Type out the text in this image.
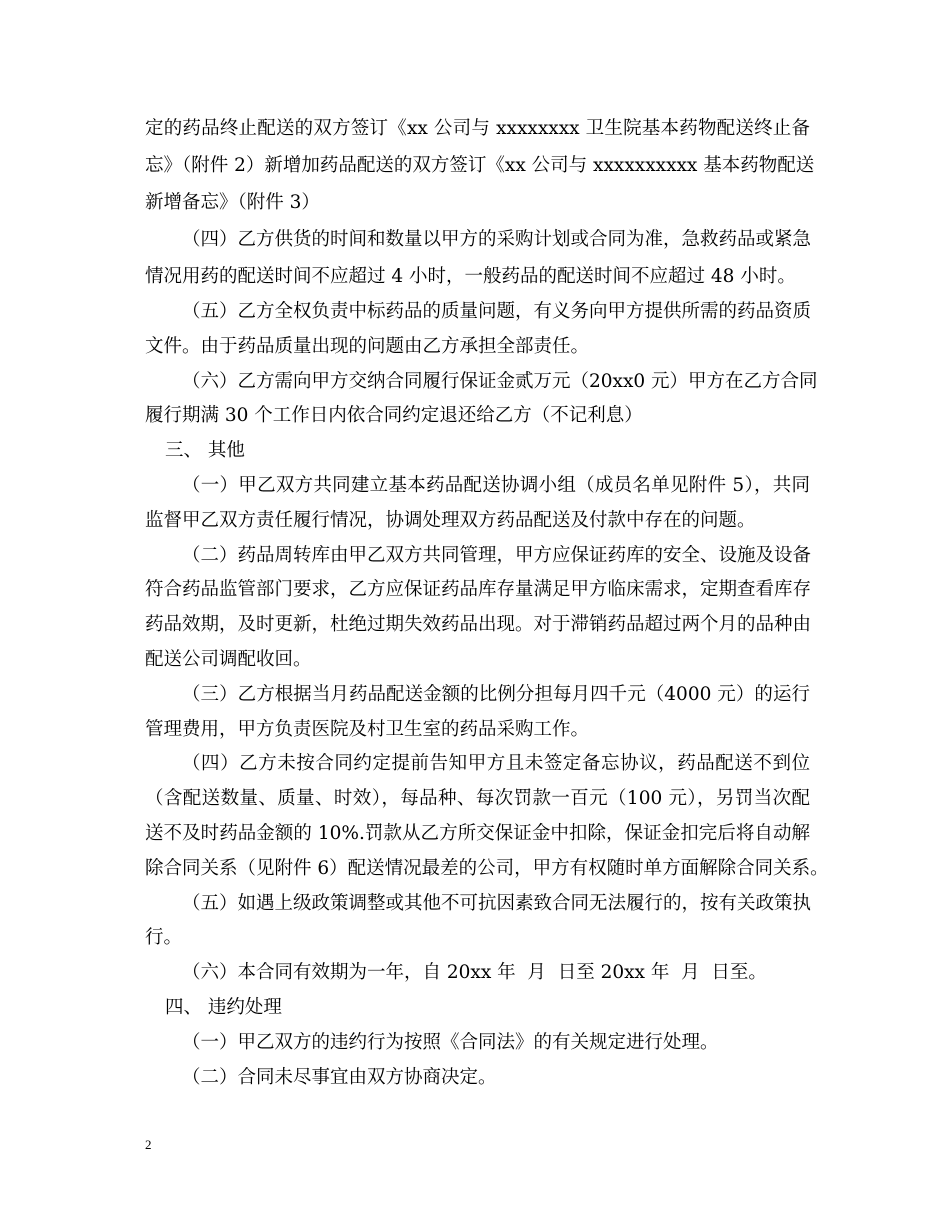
定的药品终止配送的双方签订《xx 公司与 xxxxxxxx 卫生院基本药物配送终止备
忘》（附件 2）新增加药品配送的双方签订《xx 公司与 xxxxxxxxxx 基本药物配送
新增备忘》（附件 3）
（四）乙方供货的时间和数量以甲方的采购计划或合同为准，急救药品或紧急
情况用药的配送时间不应超过 4 小时，一般药品的配送时间不应超过 48 小时。
（五）乙方全权负责中标药品的质量问题，有义务向甲方提供所需的药品资质
文件。由于药品质量出现的问题由乙方承担全部责任。
（六）乙方需向甲方交纳合同履行保证金贰万元（20xx0 元）甲方在乙方合同
履行期满 30 个工作日内依合同约定退还给乙方（不记利息）
三、 其他
（一）甲乙双方共同建立基本药品配送协调小组（成员名单见附件 5），共同
监督甲乙双方责任履行情况，协调处理双方药品配送及付款中存在的问题。
（二）药品周转库由甲乙双方共同管理，甲方应保证药库的安全、设施及设备
符合药品监管部门要求，乙方应保证药品库存量满足甲方临床需求，定期查看库存
药品效期，及时更新，杜绝过期失效药品出现。对于滞销药品超过两个月的品种由
配送公司调配收回。
（三）乙方根据当月药品配送金额的比例分担每月四千元（4000 元）的运行
管理费用，甲方负责医院及村卫生室的药品采购工作。
（四）乙方未按合同约定提前告知甲方且未签定备忘协议，药品配送不到位
（含配送数量、质量、时效），每品种、每次罚款一百元（100 元），另罚当次配
送不及时药品金额的 10%.罚款从乙方所交保证金中扣除，保证金扣完后将自动解
除合同关系（见附件 6）配送情况最差的公司，甲方有权随时单方面解除合同关系。
（五）如遇上级政策调整或其他不可抗因素致合同无法履行的，按有关政策执
行。
（六）本合同有效期为一年，自 20xx 年  月  日至 20xx 年  月  日至。
四、 违约处理
（一）甲乙双方的违约行为按照《合同法》的有关规定进行处理。
（二）合同未尽事宜由双方协商决定。
2
